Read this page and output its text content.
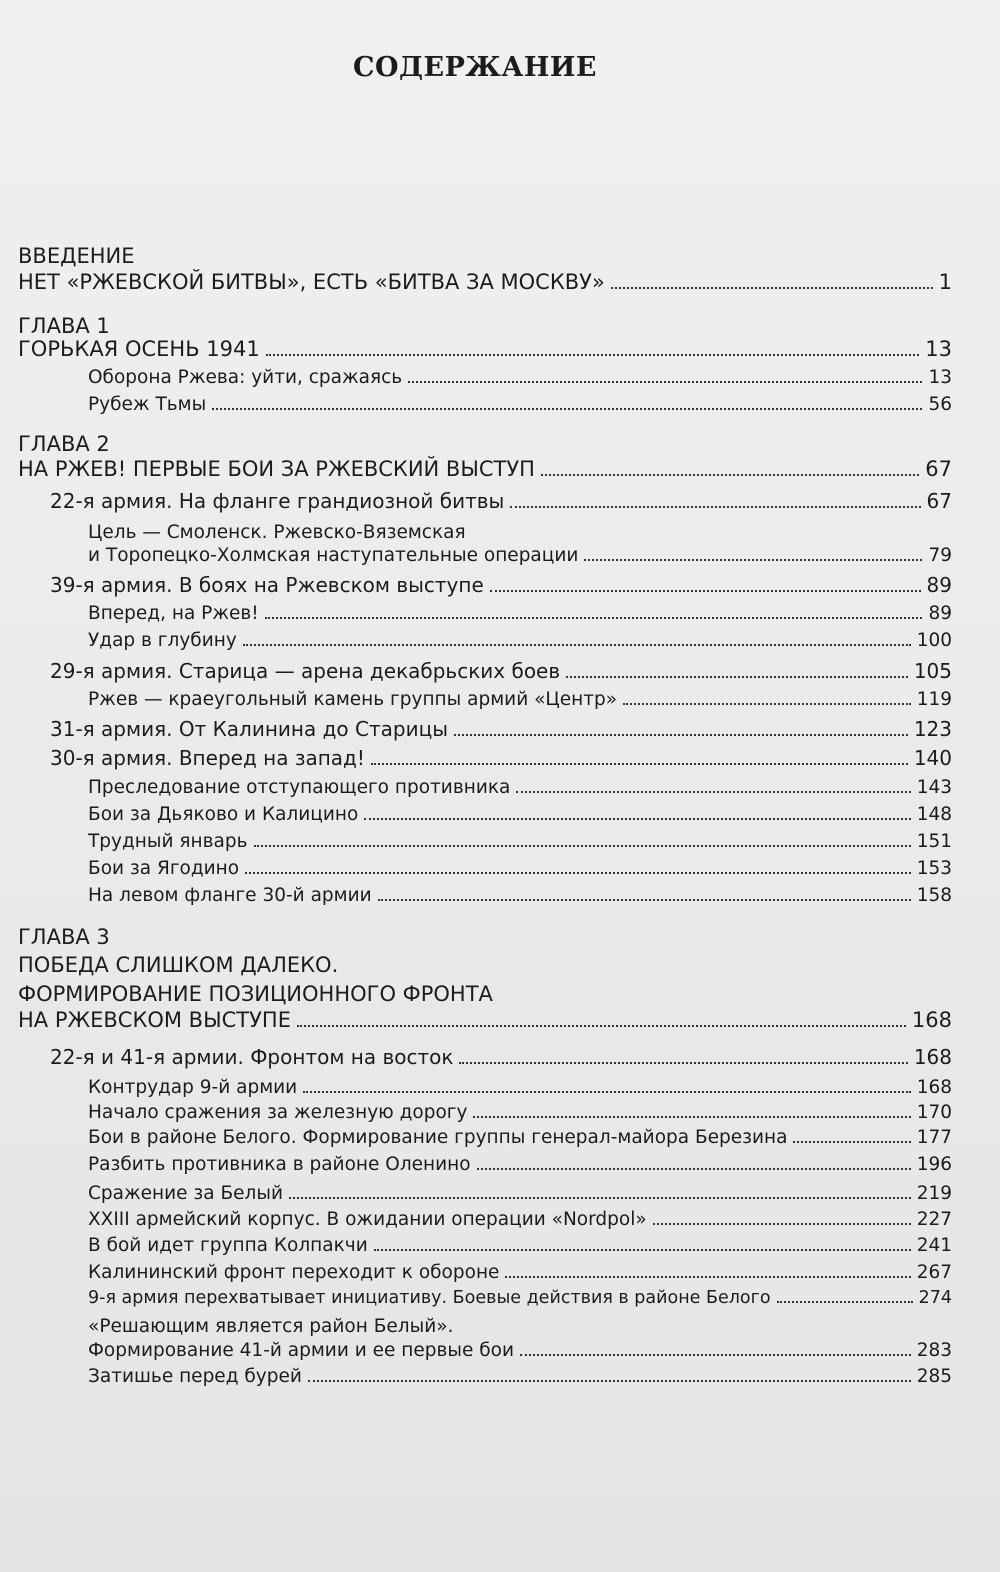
СОДЕРЖАНИЕ
ВВЕДЕНИЕ
НЕТ «РЖЕВСКОЙ БИТВЫ», ЕСТЬ «БИТВА ЗА МОСКВУ»	1
ГЛАВА 1
ГОРЬКАЯ ОСЕНЬ 1941	13
Оборона Ржева: уйти, сражаясь	13
Рубеж Тьмы	56
ГЛАВА 2
НА РЖЕВ! ПЕРВЫЕ БОИ ЗА РЖЕВСКИЙ ВЫСТУП	67
22-я армия. На фланге грандиозной битвы	67
Цель — Смоленск. Ржевско-Вяземская
и Торопецко-Холмская наступательные операции	79
39-я армия. В боях на Ржевском выступе	89
Вперед, на Ржев!	89
Удар в глубину	100
29-я армия. Старица — арена декабрьских боев	105
Ржев — краеугольный камень группы армий «Центр»	119
31-я армия. От Калинина до Старицы	123
30-я армия. Вперед на запад!	140
Преследование отступающего противника	143
Бои за Дьяково и Калицино	148
Трудный январь	151
Бои за Ягодино	153
На левом фланге 30-й армии	158
ГЛАВА 3
ПОБЕДА СЛИШКОМ ДАЛЕКО.
ФОРМИРОВАНИЕ ПОЗИЦИОННОГО ФРОНТА
НА РЖЕВСКОМ ВЫСТУПЕ	168
22-я и 41-я армии. Фронтом на восток	168
Контрудар 9-й армии	168
Начало сражения за железную дорогу	170
Бои в районе Белого. Формирование группы генерал-майора Березина	177
Разбить противника в районе Оленино	196
Сражение за Белый	219
XXIII армейский корпус. В ожидании операции «Nordpol»	227
В бой идет группа Колпакчи	241
Калининский фронт переходит к обороне	267
9-я армия перехватывает инициативу. Боевые действия в районе Белого	274
«Решающим является район Белый».
Формирование 41-й армии и ее первые бои	283
Затишье перед бурей	285
